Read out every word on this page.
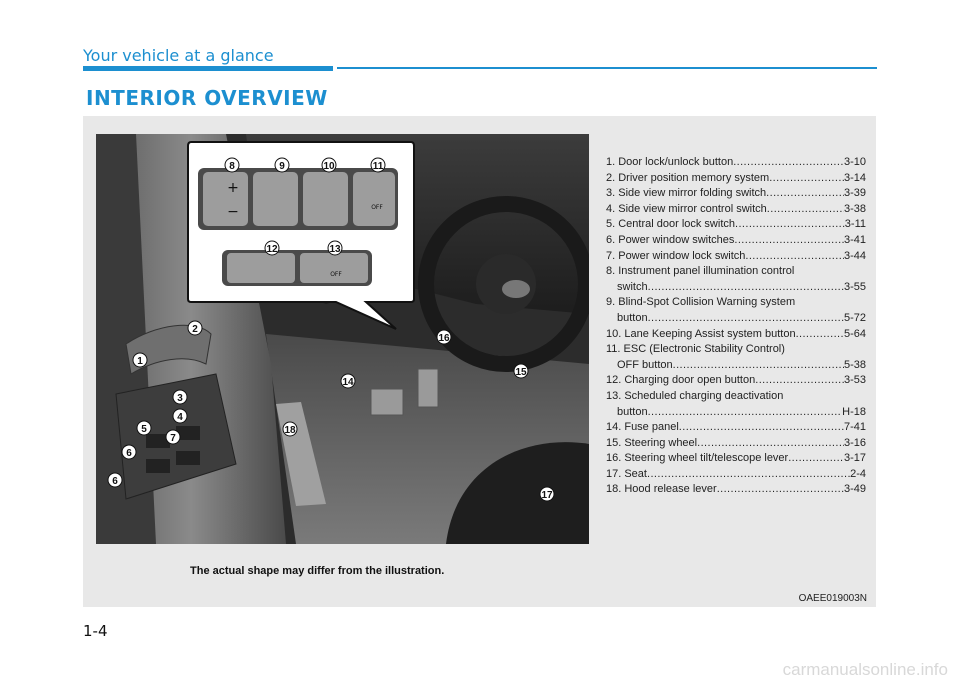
Your vehicle at a glance
INTERIOR OVERVIEW
+
−	OFF
OFF
8	9	10	11
12	13
1
2
3
4
5
6
6
7
14
15
16
17
18
1. Door lock/unlock button .....	3-10
2. Driver position memory system .....	3-14
3. Side view mirror folding switch .....	3-39
4. Side view mirror control switch .....	3-38
5. Central door lock switch .....	3-11
6. Power window switches .....	3-41
7. Power window lock switch .....	3-44
8. Instrument panel illumination control
switch .....	3-55
9. Blind-Spot Collision Warning system
button .....	5-72
10. Lane Keeping Assist system button .....	5-64
11. ESC (Electronic Stability Control)
OFF button .....	5-38
12. Charging door open button .....	3-53
13. Scheduled charging deactivation
button .....	H-18
14. Fuse panel .....	7-41
15. Steering wheel .....	3-16
16. Steering wheel tilt/telescope lever .....	3-17
17. Seat .....	2-4
18. Hood release lever .....	3-49
The actual shape may differ from the illustration.
OAEE019003N
1-4
carmanualsonline.info
